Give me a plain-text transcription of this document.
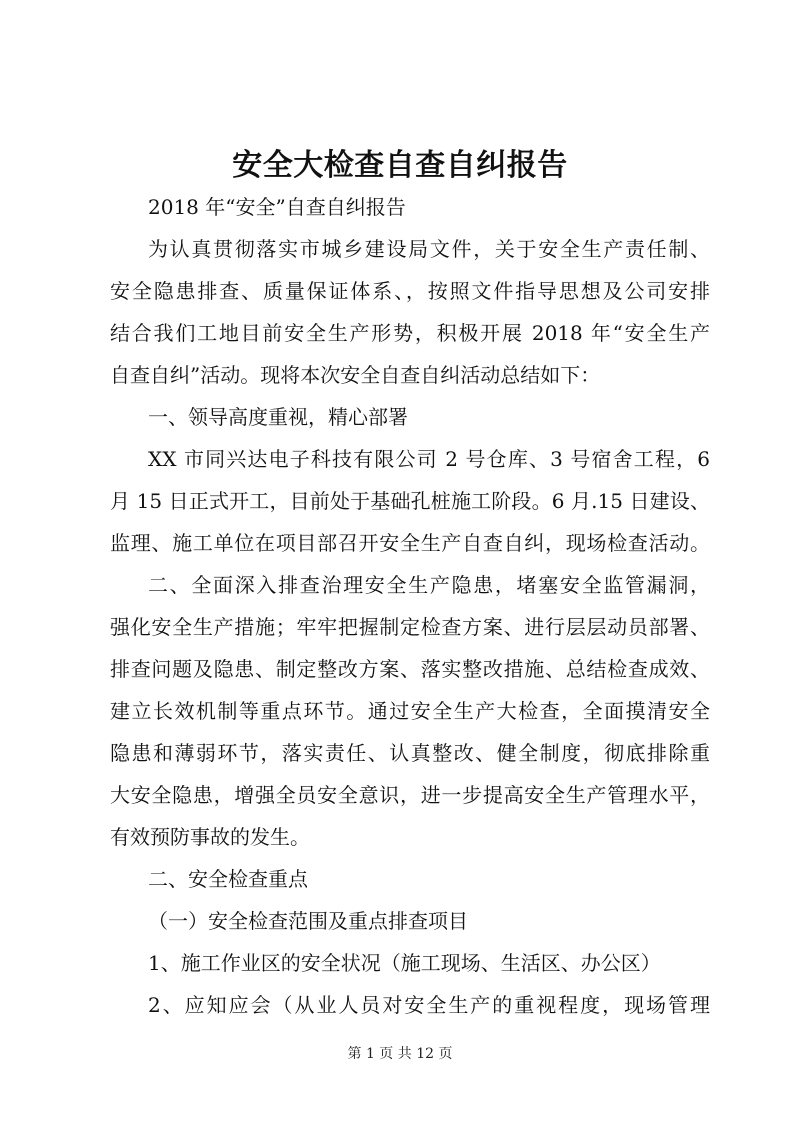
安全大检查自查自纠报告
2018 年“安全”自查自纠报告
为认真贯彻落实市城乡建设局文件，关于安全生产责任制、
安全隐患排查、质量保证体系、，按照文件指导思想及公司安排
结合我们工地目前安全生产形势，积极开展 2018 年“安全生产
自查自纠”活动。现将本次安全自查自纠活动总结如下：
一、领导高度重视，精心部署
XX 市同兴达电子科技有限公司 2 号仓库、3 号宿舍工程，6
月 15 日正式开工，目前处于基础孔桩施工阶段。6 月.15 日建设、
监理、施工单位在项目部召开安全生产自查自纠，现场检查活动。
二、全面深入排查治理安全生产隐患，堵塞安全监管漏洞，
强化安全生产措施；牢牢把握制定检查方案、进行层层动员部署、
排查问题及隐患、制定整改方案、落实整改措施、总结检查成效、
建立长效机制等重点环节。通过安全生产大检查，全面摸清安全
隐患和薄弱环节，落实责任、认真整改、健全制度，彻底排除重
大安全隐患，增强全员安全意识，进一步提高安全生产管理水平，
有效预防事故的发生。
二、安全检查重点
（一）安全检查范围及重点排查项目
1、施工作业区的安全状况（施工现场、生活区、办公区）
2、应知应会（从业人员对安全生产的重视程度，现场管理
第 1 页 共 12 页
